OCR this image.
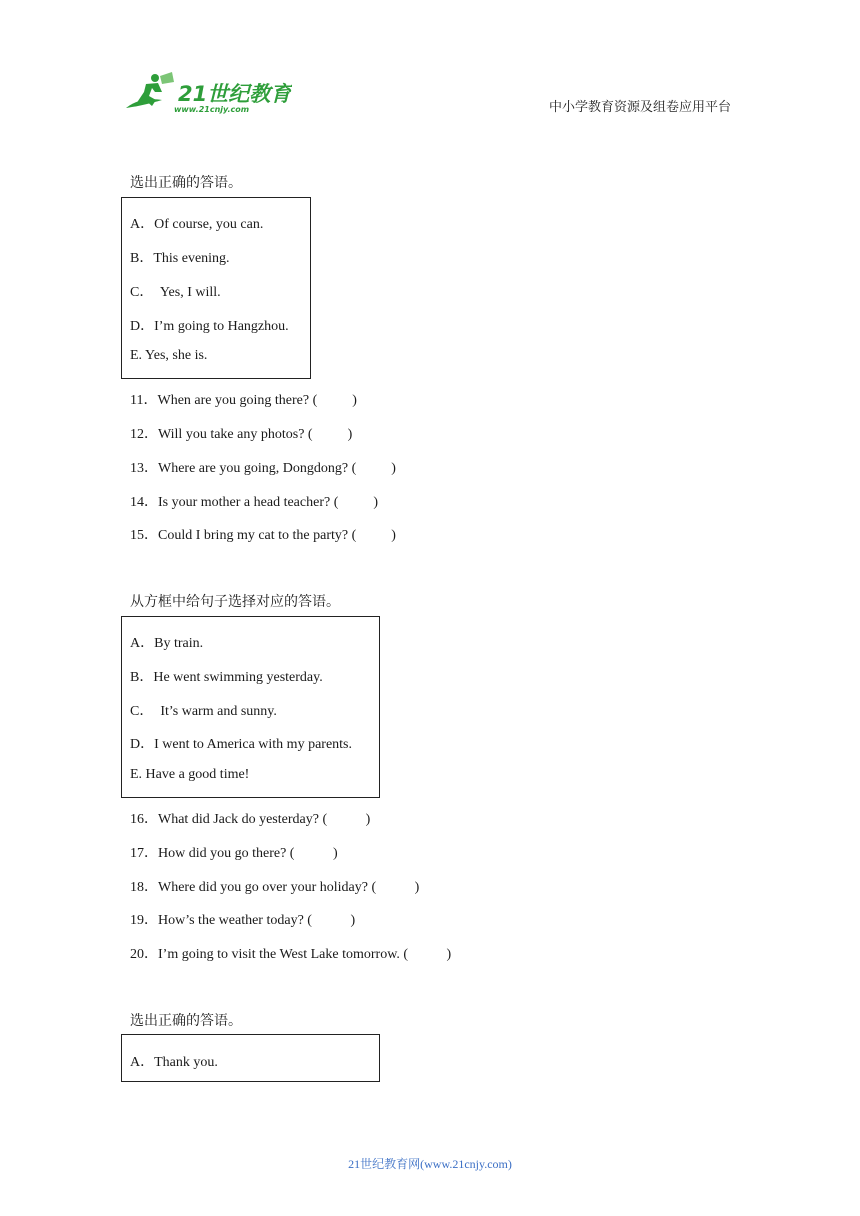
21世纪教育
www.21cnjy.com	中小学教育资源及组卷应用平台
选出正确的答语。
A．Of course, you can.
B．This evening.
C．  Yes, I will.
D．I’m going to Hangzhou.
E. Yes, she is.
11．When are you going there? (          )
12．Will you take any photos? (          )
13．Where are you going, Dongdong? (          )
14．Is your mother a head teacher? (          )
15．Could I bring my cat to the party? (          )
从方框中给句子选择对应的答语。
A．By train.
B．He went swimming yesterday.
C．  It’s warm and sunny.
D．I went to America with my parents.
E. Have a good time!
16．What did Jack do yesterday? (           )
17．How did you go there? (           )
18．Where did you go over your holiday? (           )
19．How’s the weather today? (           )
20．I’m going to visit the West Lake tomorrow. (           )
选出正确的答语。
A．Thank you.
21世纪教育网(www.21cnjy.com)
